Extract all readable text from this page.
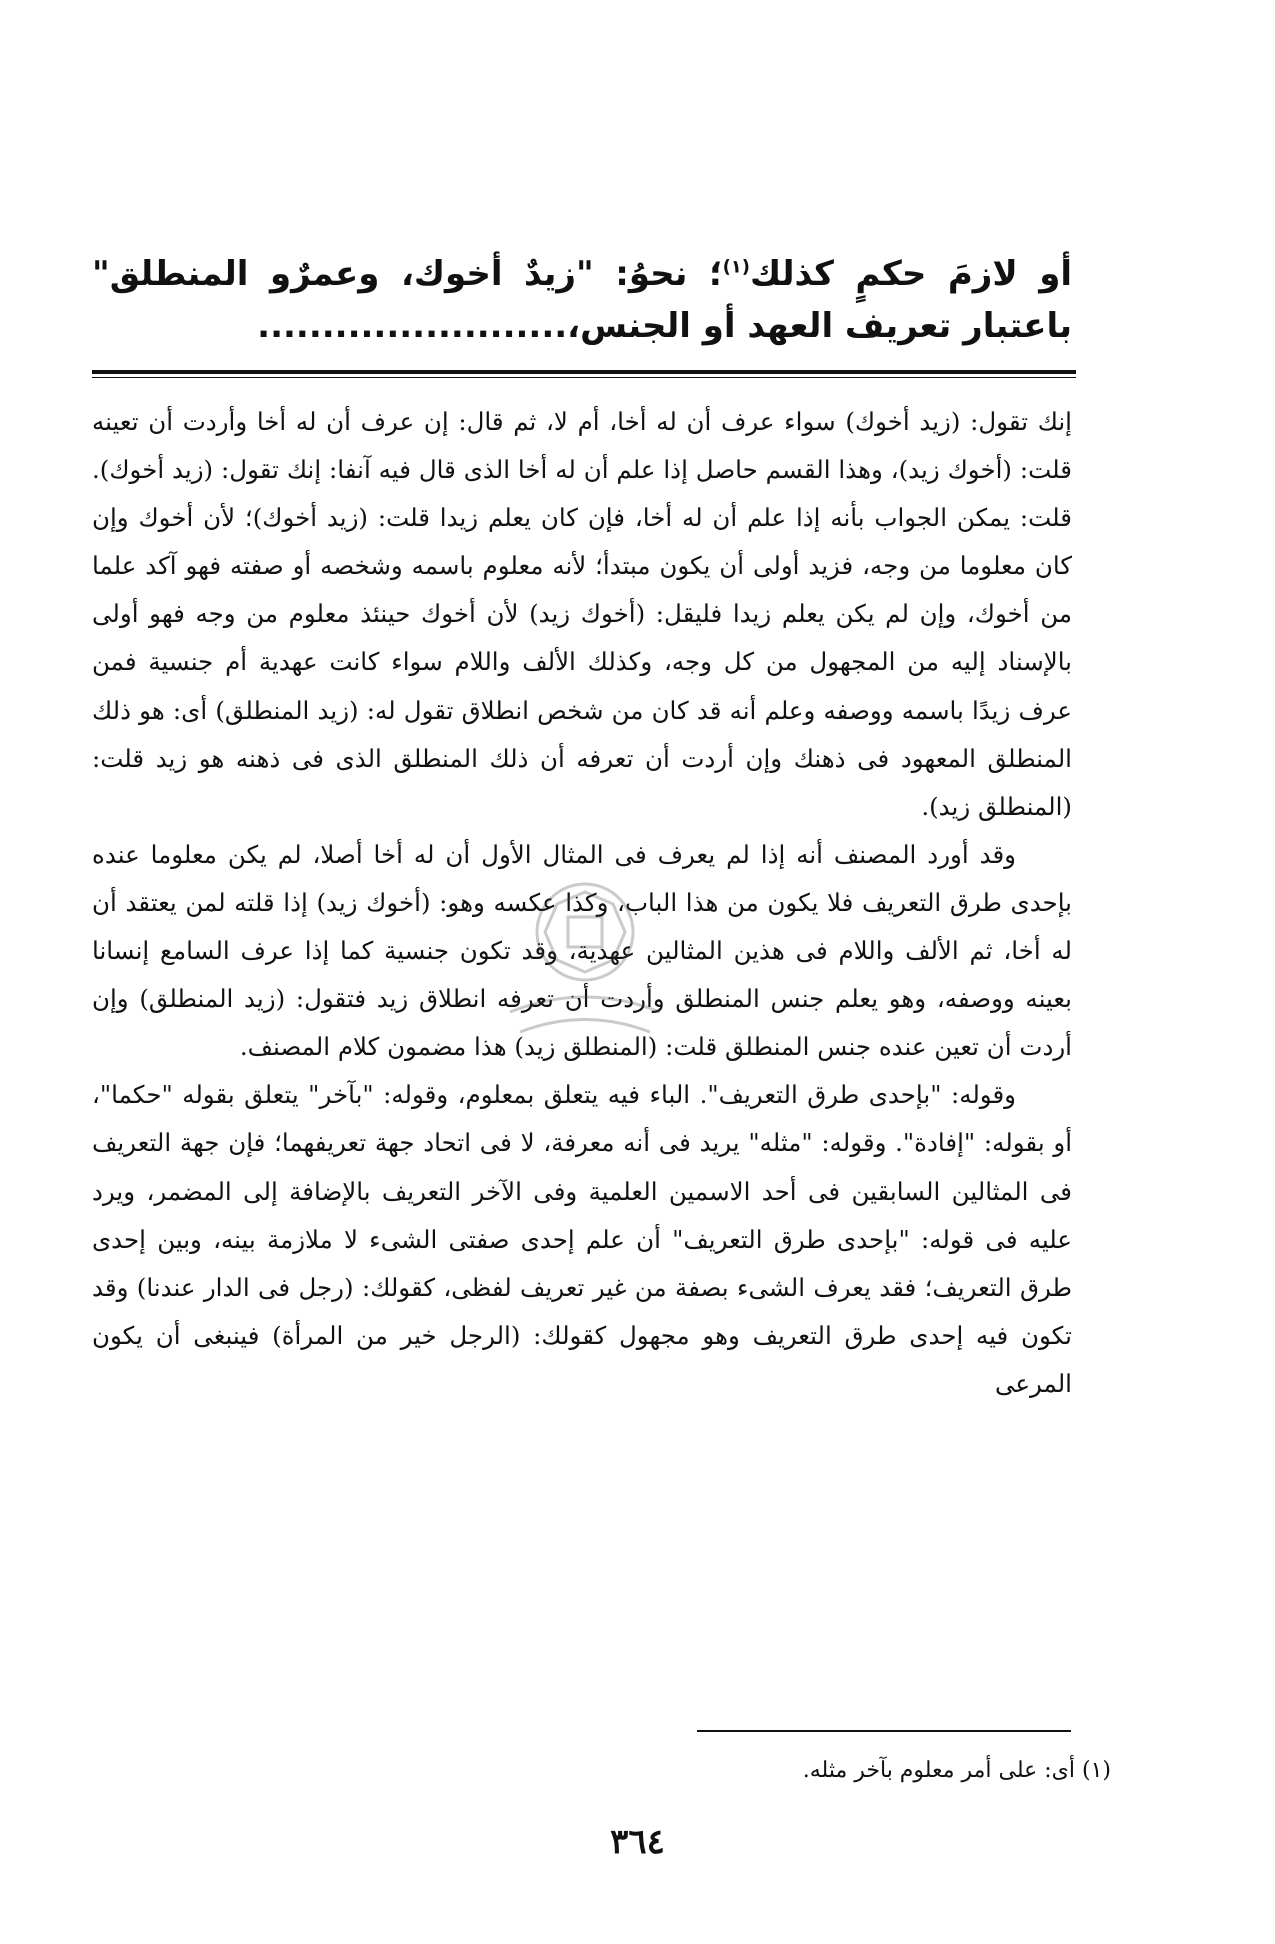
أو لازمَ حكمٍ كذلك$^{(١)}$؛ نحوُ: "زيدٌ أخوك، وعمرٌو المنطلق" باعتبار تعريف العهد أو الجنس،........................

إنك تقول: (زيد أخوك) سواء عرف أن له أخا، أم لا، ثم قال: إن عرف أن له أخا وأردت أن تعينه قلت: (أخوك زيد)، وهذا القسم حاصل إذا علم أن له أخا الذى قال فيه آنفا: إنك تقول: (زيد أخوك). قلت: يمكن الجواب بأنه إذا علم أن له أخا، فإن كان يعلم زيدا قلت: (زيد أخوك)؛ لأن أخوك وإن كان معلوما من وجه، فزيد أولى أن يكون مبتدأ؛ لأنه معلوم باسمه وشخصه أو صفته فهو آكد علما من أخوك، وإن لم يكن يعلم زيدا فليقل: (أخوك زيد) لأن أخوك حينئذ معلوم من وجه فهو أولى بالإسناد إليه من المجهول من كل وجه، وكذلك الألف واللام سواء كانت عهدية أم جنسية فمن عرف زيدًا باسمه ووصفه وعلم أنه قد كان من شخص انطلاق تقول له: (زيد المنطلق) أى: هو ذلك المنطلق المعهود فى ذهنك وإن أردت أن تعرفه أن ذلك المنطلق الذى فى ذهنه هو زيد قلت: (المنطلق زيد).

وقد أورد المصنف أنه إذا لم يعرف فى المثال الأول أن له أخا أصلا، لم يكن معلوما عنده بإحدى طرق التعريف فلا يكون من هذا الباب، وكذا عكسه وهو: (أخوك زيد) إذا قلته لمن يعتقد أن له أخا، ثم الألف واللام فى هذين المثالين عهدية، وقد تكون جنسية كما إذا عرف السامع إنسانا بعينه ووصفه، وهو يعلم جنس المنطلق وأردت أن تعرفه انطلاق زيد فتقول: (زيد المنطلق) وإن أردت أن تعين عنده جنس المنطلق قلت: (المنطلق زيد) هذا مضمون كلام المصنف.

وقوله: "بإحدى طرق التعريف". الباء فيه يتعلق بمعلوم، وقوله: "بآخر" يتعلق بقوله "حكما"، أو بقوله: "إفادة". وقوله: "مثله" يريد فى أنه معرفة، لا فى اتحاد جهة تعريفهما؛ فإن جهة التعريف فى المثالين السابقين فى أحد الاسمين العلمية وفى الآخر التعريف بالإضافة إلى المضمر، ويرد عليه فى قوله: "بإحدى طرق التعريف" أن علم إحدى صفتى الشىء لا ملازمة بينه، وبين إحدى طرق التعريف؛ فقد يعرف الشىء بصفة من غير تعريف لفظى، كقولك: (رجل فى الدار عندنا) وقد تكون فيه إحدى طرق التعريف وهو مجهول كقولك: (الرجل خير من المرأة) فينبغى أن يكون المرعى

(١) أى: على أمر معلوم بآخر مثله.
٣٦٤
